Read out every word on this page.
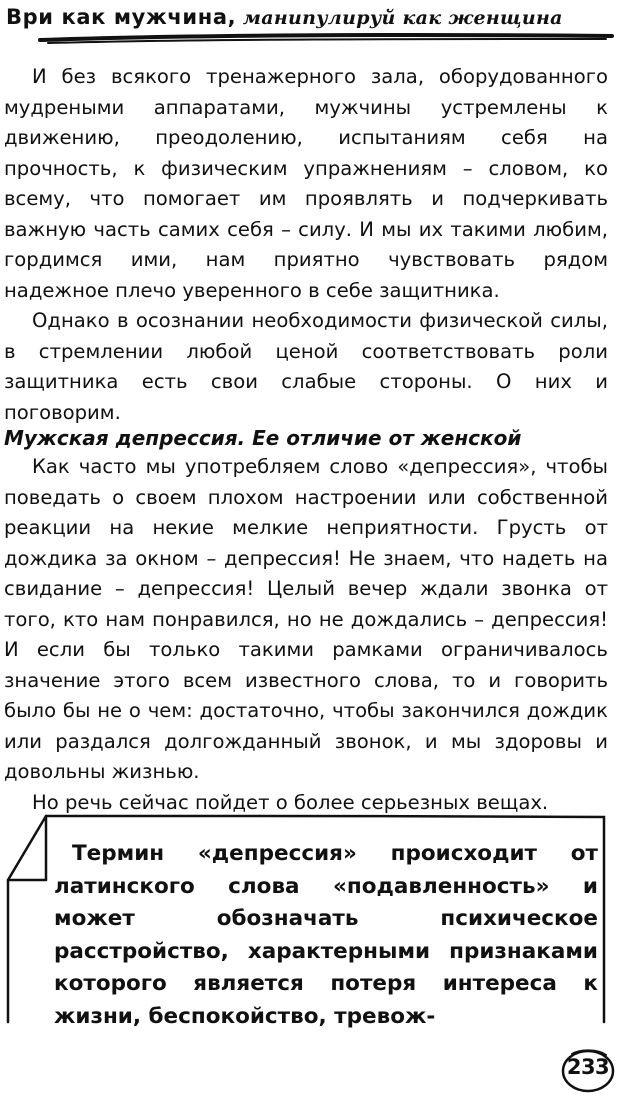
Ври как мужчина, манипулируй как женщина

И без всякого тренажерного зала, оборудованного мудреными аппаратами, мужчины устремлены к движению, преодолению, испытаниям себя на прочность, к физическим упражнениям – словом, ко всему, что помогает им проявлять и подчеркивать важную часть самих себя – силу. И мы их такими любим, гордимся ими, нам приятно чувствовать рядом надежное плечо уверенного в себе защитника.

Однако в осознании необходимости физической силы, в стремлении любой ценой соответствовать роли защитника есть свои слабые стороны. О них и поговорим.

Мужская депрессия. Ее отличие от женской

Как часто мы употребляем слово «депрессия», чтобы поведать о своем плохом настроении или собственной реакции на некие мелкие неприятности. Грусть от дождика за окном – депрессия! Не знаем, что надеть на свидание – депрессия! Целый вечер ждали звонка от того, кто нам понравился, но не дождались – депрессия! И если бы только такими рамками ограничивалось значение этого всем известного слова, то и говорить было бы не о чем: достаточно, чтобы закончился дождик или раздался долгожданный звонок, и мы здоровы и довольны жизнью.

Но речь сейчас пойдет о более серьезных вещах.

Термин «депрессия» происходит от латинского слова «подавленность» и может обозначать психическое расстройство, характерными признаками которого является потеря интереса к жизни, беспокойство, тревож-
233
